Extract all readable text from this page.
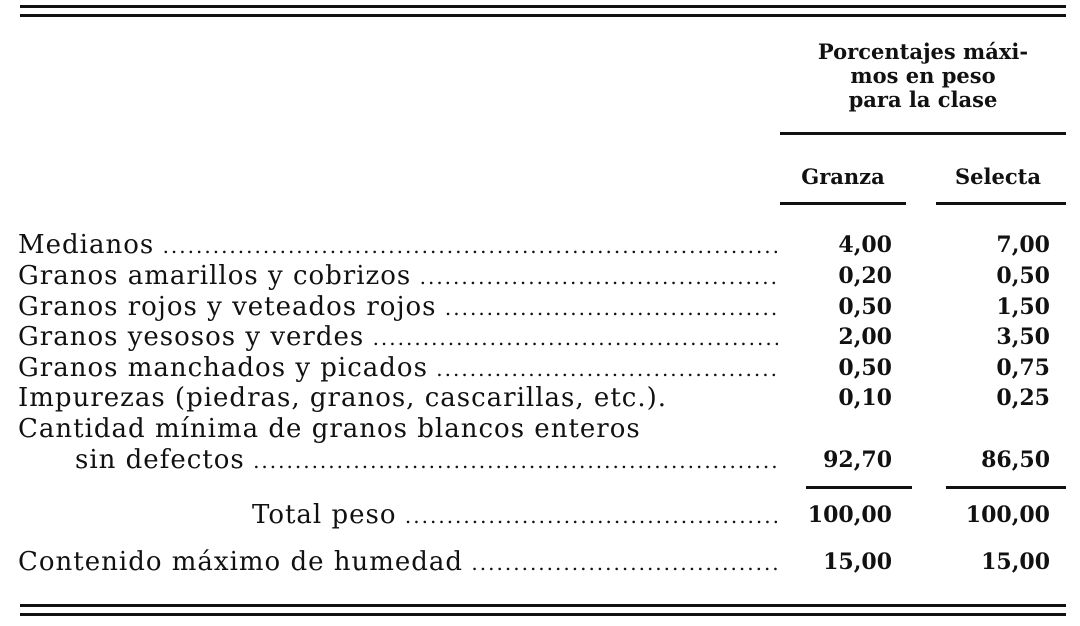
Porcentajes máxi-
mos en peso
para la clase
Granza	Selecta
Medianos .....	4,00	7,00
Granos amarillos y cobrizos .....	0,20	0,50
Granos rojos y veteados rojos .....	0,50	1,50
Granos yesosos y verdes .....	2,00	3,50
Granos manchados y picados .....	0,50	0,75
Impurezas (piedras, granos, cascarillas, etc.).	0,10	0,25
Cantidad mínima de granos blancos enteros
sin defectos .....	92,70	86,50
Total peso .....	100,00	100,00
Contenido máximo de humedad .....	15,00	15,00
